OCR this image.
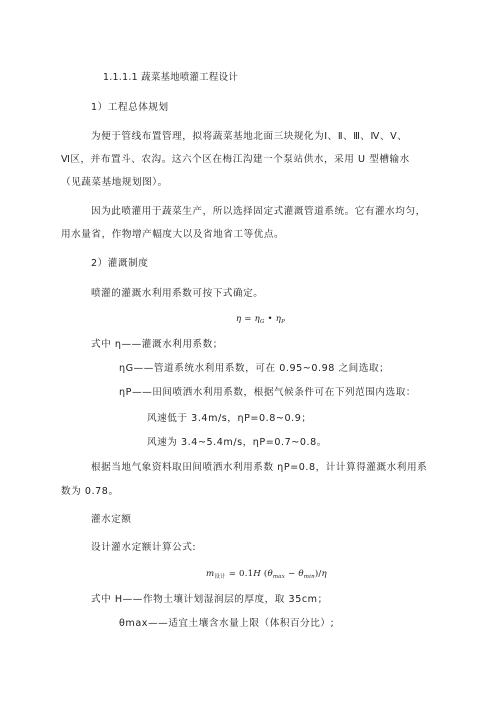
1.1.1.1 蔬菜基地喷灌工程设计
1）工程总体规划
为便于管线布置管理，拟将蔬菜基地北面三块规化为Ⅰ、Ⅱ、Ⅲ、Ⅳ、Ⅴ、
Ⅵ区，并布置斗、农沟。这六个区在梅江沟建一个泵站供水，采用 U 型槽输水
（见蔬菜基地规划图）。
因为此喷灌用于蔬菜生产，所以选择固定式灌溉管道系统。它有灌水均匀，
用水量省，作物增产幅度大以及省地省工等优点。
2）灌溉制度
喷灌的灌溉水利用系数可按下式确定。
$\eta = \eta_G$ • $\eta_P$
式中 η——灌溉水利用系数；
ηG——管道系统水利用系数，可在 0.95~0.98 之间选取；
ηP——田间喷洒水利用系数，根据气候条件可在下列范围内选取：
风速低于 3.4m/s，ηP=0.8~0.9；
风速为 3.4~5.4m/s，ηP=0.7~0.8。
根据当地气象资料取田间喷洒水利用系数 ηP=0.8，计计算得灌溉水利用系
数为 0.78。
灌水定额
设计灌水定额计算公式:
$m_{设计} = 0.1H$ $(\theta_{max} - \theta_{min})/\eta$
式中 H——作物土壤计划湿润层的厚度，取 35cm；
θmax——适宜土壤含水量上限（体积百分比）;
